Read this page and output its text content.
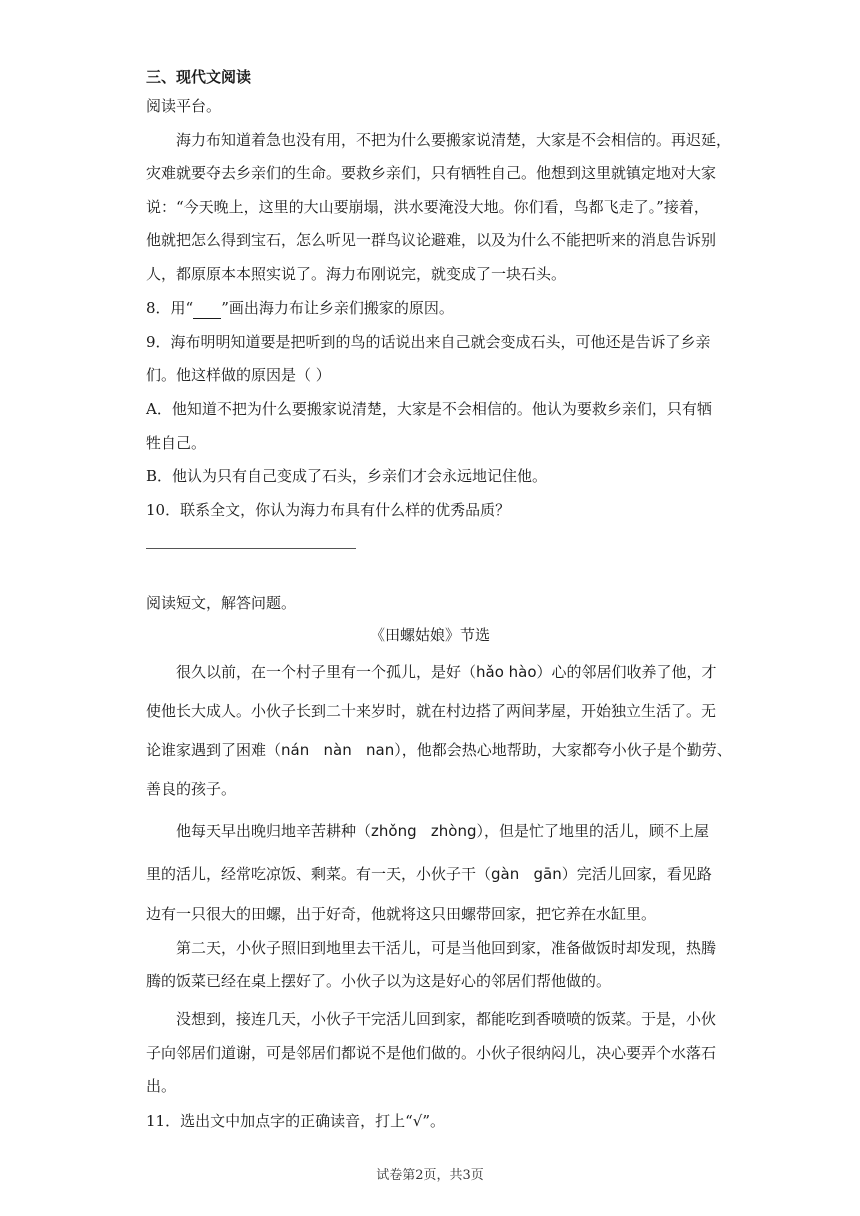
三、现代文阅读
阅读平台。
海力布知道着急也没有用，不把为什么要搬家说清楚，大家是不会相信的。再迟延，
灾难就要夺去乡亲们的生命。要救乡亲们，只有牺牲自己。他想到这里就镇定地对大家
说：“今天晚上，这里的大山要崩塌，洪水要淹没大地。你们看，鸟都飞走了。”接着，
他就把怎么得到宝石，怎么听见一群鸟议论避难，以及为什么不能把听来的消息告诉别
人，都原原本本照实说了。海力布刚说完，就变成了一块石头。
8．用“ ”画出海力布让乡亲们搬家的原因。
9．海布明明知道要是把听到的鸟的话说出来自己就会变成石头，可他还是告诉了乡亲
们。他这样做的原因是（ ）
A．他知道不把为什么要搬家说清楚，大家是不会相信的。他认为要救乡亲们，只有牺
牲自己。
B．他认为只有自己变成了石头，乡亲们才会永远地记住他。
10．联系全文，你认为海力布具有什么样的优秀品质？
阅读短文，解答问题。
《田螺姑娘》节选
很久以前，在一个村子里有一个孤儿，是好（hǎo hào）心的邻居们收养了他，才
使他长大成人。小伙子长到二十来岁时，就在村边搭了两间茅屋，开始独立生活了。无
论谁家遇到了困难（nán   nàn   nan），他都会热心地帮助，大家都夸小伙子是个勤劳、
善良的孩子。
他每天早出晚归地辛苦耕种（zhǒng   zhòng），但是忙了地里的活儿，顾不上屋
里的活儿，经常吃凉饭、剩菜。有一天，小伙子干（gàn   gān）完活儿回家，看见路
边有一只很大的田螺，出于好奇，他就将这只田螺带回家，把它养在水缸里。
第二天，小伙子照旧到地里去干活儿，可是当他回到家，准备做饭时却发现，热腾
腾的饭菜已经在桌上摆好了。小伙子以为这是好心的邻居们帮他做的。
没想到，接连几天，小伙子干完活儿回到家，都能吃到香喷喷的饭菜。于是，小伙
子向邻居们道谢，可是邻居们都说不是他们做的。小伙子很纳闷儿，决心要弄个水落石
出。
11．选出文中加点字的正确读音，打上“√”。
试卷第2页，共3页
